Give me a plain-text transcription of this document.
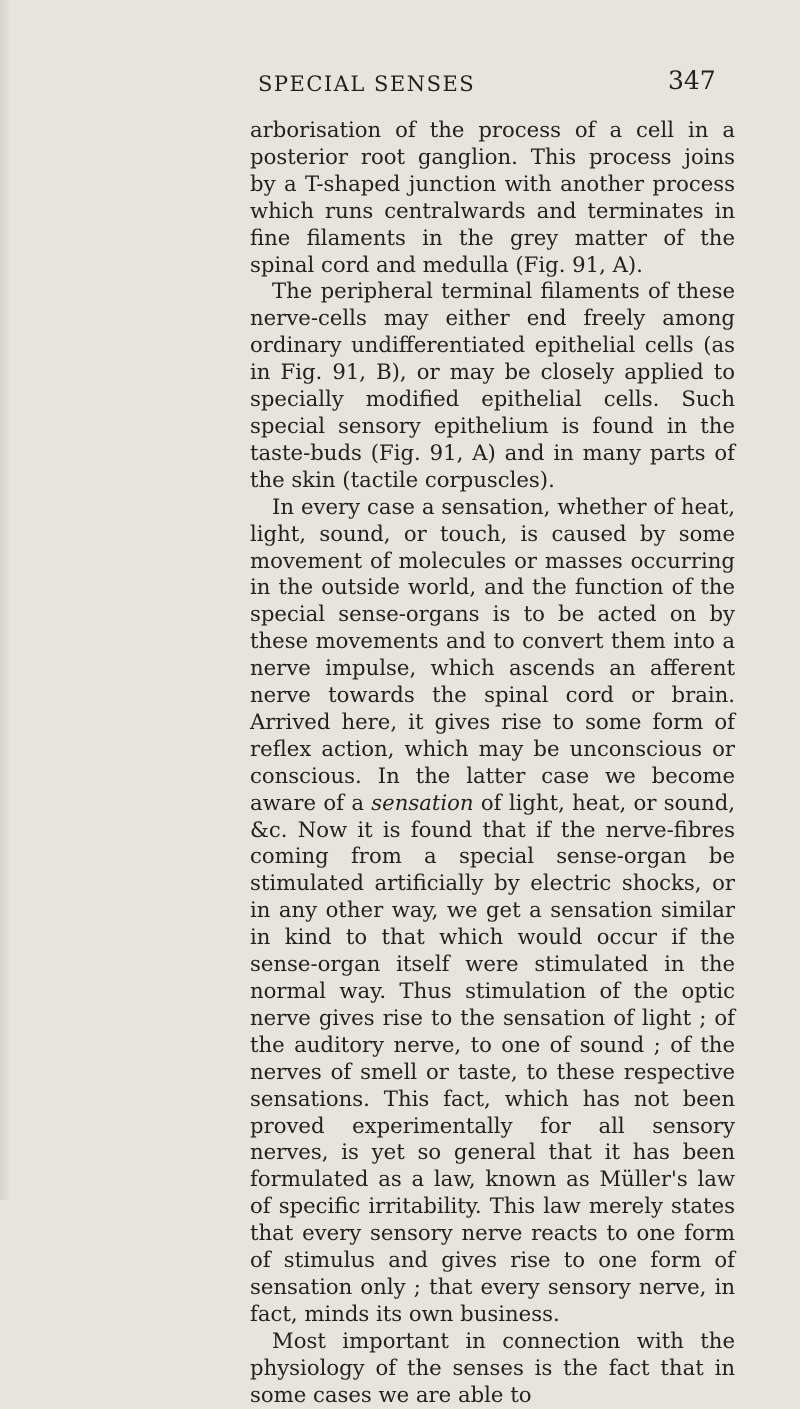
SPECIAL SENSES	347

arborisation of the process of a cell in a posterior root ganglion. This process joins by a T-shaped junction with another process which runs centralwards and terminates in fine filaments in the grey matter of the spinal cord and medulla (Fig. 91, A).

The peripheral terminal filaments of these nerve-cells may either end freely among ordinary undifferentiated epithelial cells (as in Fig. 91, B), or may be closely applied to specially modified epithelial cells. Such special sensory epithelium is found in the taste-buds (Fig. 91, A) and in many parts of the skin (tactile corpuscles).

In every case a sensation, whether of heat, light, sound, or touch, is caused by some movement of molecules or masses occurring in the outside world, and the function of the special sense-organs is to be acted on by these movements and to convert them into a nerve impulse, which ascends an afferent nerve towards the spinal cord or brain. Arrived here, it gives rise to some form of reflex action, which may be unconscious or conscious. In the latter case we become aware of a sensation of light, heat, or sound, &c. Now it is found that if the nerve-fibres coming from a special sense-organ be stimulated artificially by electric shocks, or in any other way, we get a sensation similar in kind to that which would occur if the sense-organ itself were stimulated in the normal way. Thus stimulation of the optic nerve gives rise to the sensation of light ; of the auditory nerve, to one of sound ; of the nerves of smell or taste, to these respective sensations. This fact, which has not been proved experimentally for all sensory nerves, is yet so general that it has been formulated as a law, known as Müller's law of specific irritability. This law merely states that every sensory nerve reacts to one form of stimulus and gives rise to one form of sensation only ; that every sensory nerve, in fact, minds its own business.

Most important in connection with the physiology of the senses is the fact that in some cases we are able to
